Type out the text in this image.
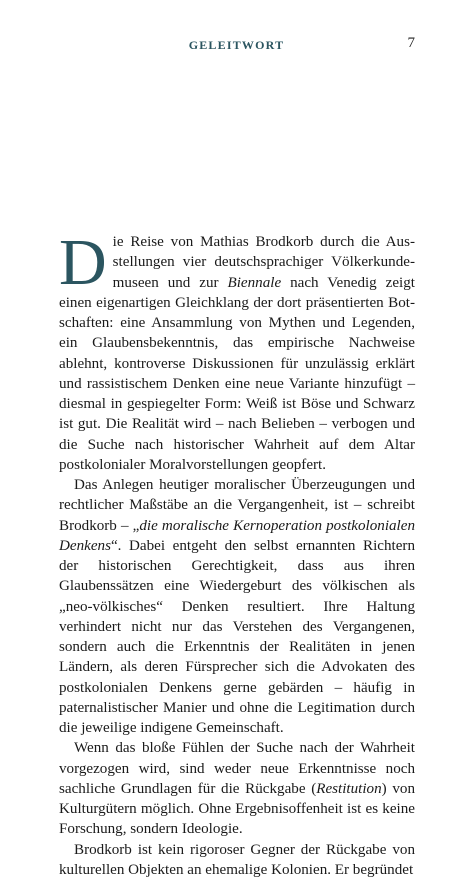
GELEITWORT	7

Die Reise von Mathias Brodkorb durch die Ausstellungen vier deutschsprachiger Völkerkundemuseen und zur Biennale nach Venedig zeigt einen eigenartigen Gleichklang der dort präsentierten Botschaften: eine Ansammlung von Mythen und Legenden, ein Glaubensbekenntnis, das empirische Nachweise ablehnt, kontroverse Diskussionen für unzulässig erklärt und rassistischem Denken eine neue Variante hinzufügt – diesmal in gespiegelter Form: Weiß ist Böse und Schwarz ist gut. Die Realität wird – nach Belieben – verbogen und die Suche nach historischer Wahrheit auf dem Altar postkolonialer Moralvorstellungen geopfert.

Das Anlegen heutiger moralischer Überzeugungen und rechtlicher Maßstäbe an die Vergangenheit, ist – schreibt Brodkorb – „die moralische Kernoperation postkolonialen Denkens“. Dabei entgeht den selbst ernannten Richtern der historischen Gerechtigkeit, dass aus ihren Glaubenssätzen eine Wiedergeburt des völkischen als „neo-völkisches“ Denken resultiert. Ihre Haltung verhindert nicht nur das Verstehen des Vergangenen, sondern auch die Erkenntnis der Realitäten in jenen Ländern, als deren Fürsprecher sich die Advokaten des postkolonialen Denkens gerne gebärden – häufig in paternalistischer Manier und ohne die Legitimation durch die jeweilige indigene Gemeinschaft.

Wenn das bloße Fühlen der Suche nach der Wahrheit vorgezogen wird, sind weder neue Erkenntnisse noch sachliche Grundlagen für die Rückgabe (Restitution) von Kulturgütern möglich. Ohne Ergebnisoffenheit ist es keine Forschung, sondern Ideologie.

Brodkorb ist kein rigoroser Gegner der Rückgabe von kulturellen Objekten an ehemalige Kolonien. Er begründet
